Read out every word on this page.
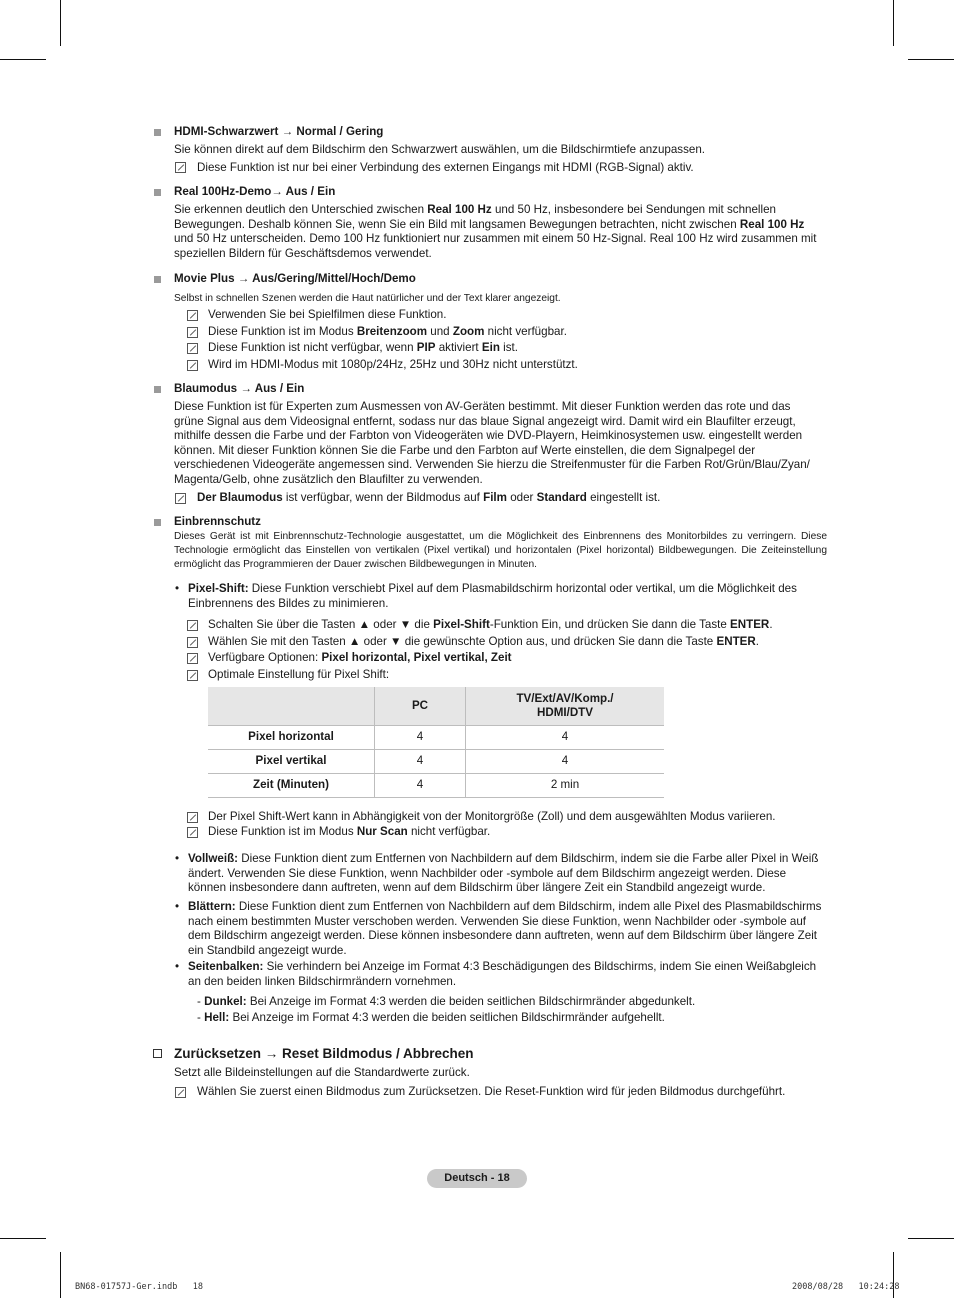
HDMI-Schwarzwert → Normal / Gering

Sie können direkt auf dem Bildschirm den Schwarzwert auswählen, um die Bildschirmtiefe anzupassen.

Diese Funktion ist nur bei einer Verbindung des externen Eingangs mit HDMI (RGB-Signal) aktiv.

Real 100Hz-Demo→ Aus / Ein

Sie erkennen deutlich den Unterschied zwischen Real 100 Hz und 50 Hz, insbesondere bei Sendungen mit schnellen Bewegungen. Deshalb können Sie, wenn Sie ein Bild mit langsamen Bewegungen betrachten, nicht zwischen Real 100 Hz und 50 Hz unterscheiden. Demo 100 Hz funktioniert nur zusammen mit einem 50 Hz-Signal. Real 100 Hz wird zusammen mit speziellen Bildern für Geschäftsdemos verwendet.

Movie Plus → Aus/Gering/Mittel/Hoch/Demo

Selbst in schnellen Szenen werden die Haut natürlicher und der Text klarer angezeigt.

Verwenden Sie bei Spielfilmen diese Funktion.

Diese Funktion ist im Modus Breitenzoom und Zoom nicht verfügbar.

Diese Funktion ist nicht verfügbar, wenn PIP aktiviert Ein ist.

Wird im HDMI-Modus mit 1080p/24Hz, 25Hz und 30Hz nicht unterstützt.

Blaumodus → Aus / Ein

Diese Funktion ist für Experten zum Ausmessen von AV-Geräten bestimmt. Mit dieser Funktion werden das rote und das grüne Signal aus dem Videosignal entfernt, sodass nur das blaue Signal angezeigt wird. Damit wird ein Blaufilter erzeugt, mithilfe dessen die Farbe und der Farbton von Videogeräten wie DVD-Playern, Heimkinosystemen usw. eingestellt werden können. Mit dieser Funktion können Sie die Farbe und den Farbton auf Werte einstellen, die dem Signalpegel der verschiedenen Videogeräte angemessen sind. Verwenden Sie hierzu die Streifenmuster für die Farben Rot/Grün/Blau/Zyan/ Magenta/Gelb, ohne zusätzlich den Blaufilter zu verwenden.

Der Blaumodus ist verfügbar, wenn der Bildmodus auf Film oder Standard eingestellt ist.

Einbrennschutz

Dieses Gerät ist mit Einbrennschutz-Technologie ausgestattet, um die Möglichkeit des Einbrennens des Monitorbildes zu verringern. Diese Technologie ermöglicht das Einstellen von vertikalen (Pixel vertikal) und horizontalen (Pixel horizontal) Bildbewegungen. Die Zeiteinstellung ermöglicht das Programmieren der Dauer zwischen Bildbewegungen in Minuten.

• Pixel-Shift: Diese Funktion verschiebt Pixel auf dem Plasmabildschirm horizontal oder vertikal, um die Möglichkeit des Einbrennens des Bildes zu minimieren.

Schalten Sie über die Tasten ▲ oder ▼ die Pixel-Shift-Funktion Ein, und drücken Sie dann die Taste ENTER.

Wählen Sie mit den Tasten ▲ oder ▼ die gewünschte Option aus, und drücken Sie dann die Taste ENTER.

Verfügbare Optionen: Pixel horizontal, Pixel vertikal, Zeit

Optimale Einstellung für Pixel Shift:

	PC	TV/Ext/AV/Komp./
HDMI/DTV
Pixel horizontal	4	4
Pixel vertikal	4	4
Zeit (Minuten)	4	2 min

Der Pixel Shift-Wert kann in Abhängigkeit von der Monitorgröße (Zoll) und dem ausgewählten Modus variieren.

Diese Funktion ist im Modus Nur Scan nicht verfügbar.

• Vollweiß: Diese Funktion dient zum Entfernen von Nachbildern auf dem Bildschirm, indem sie die Farbe aller Pixel in Weiß ändert. Verwenden Sie diese Funktion, wenn Nachbilder oder -symbole auf dem Bildschirm angezeigt werden. Diese können insbesondere dann auftreten, wenn auf dem Bildschirm über längere Zeit ein Standbild angezeigt wurde.

• Blättern: Diese Funktion dient zum Entfernen von Nachbildern auf dem Bildschirm, indem alle Pixel des Plasmabildschirms nach einem bestimmten Muster verschoben werden. Verwenden Sie diese Funktion, wenn Nachbilder oder -symbole auf dem Bildschirm angezeigt werden. Diese können insbesondere dann auftreten, wenn auf dem Bildschirm über längere Zeit ein Standbild angezeigt wurde.

• Seitenbalken: Sie verhindern bei Anzeige im Format 4:3 Beschädigungen des Bildschirms, indem Sie einen Weißabgleich an den beiden linken Bildschirmrändern vornehmen.

- Dunkel: Bei Anzeige im Format 4:3 werden die beiden seitlichen Bildschirmränder abgedunkelt.

- Hell: Bei Anzeige im Format 4:3 werden die beiden seitlichen Bildschirmränder aufgehellt.

Zurücksetzen → Reset Bildmodus / Abbrechen

Setzt alle Bildeinstellungen auf die Standardwerte zurück.

Wählen Sie zuerst einen Bildmodus zum Zurücksetzen. Die Reset-Funktion wird für jeden Bildmodus durchgeführt.

Deutsch - 18
BN68-01757J-Ger.indb   18	2008/08/28   10:24:28
